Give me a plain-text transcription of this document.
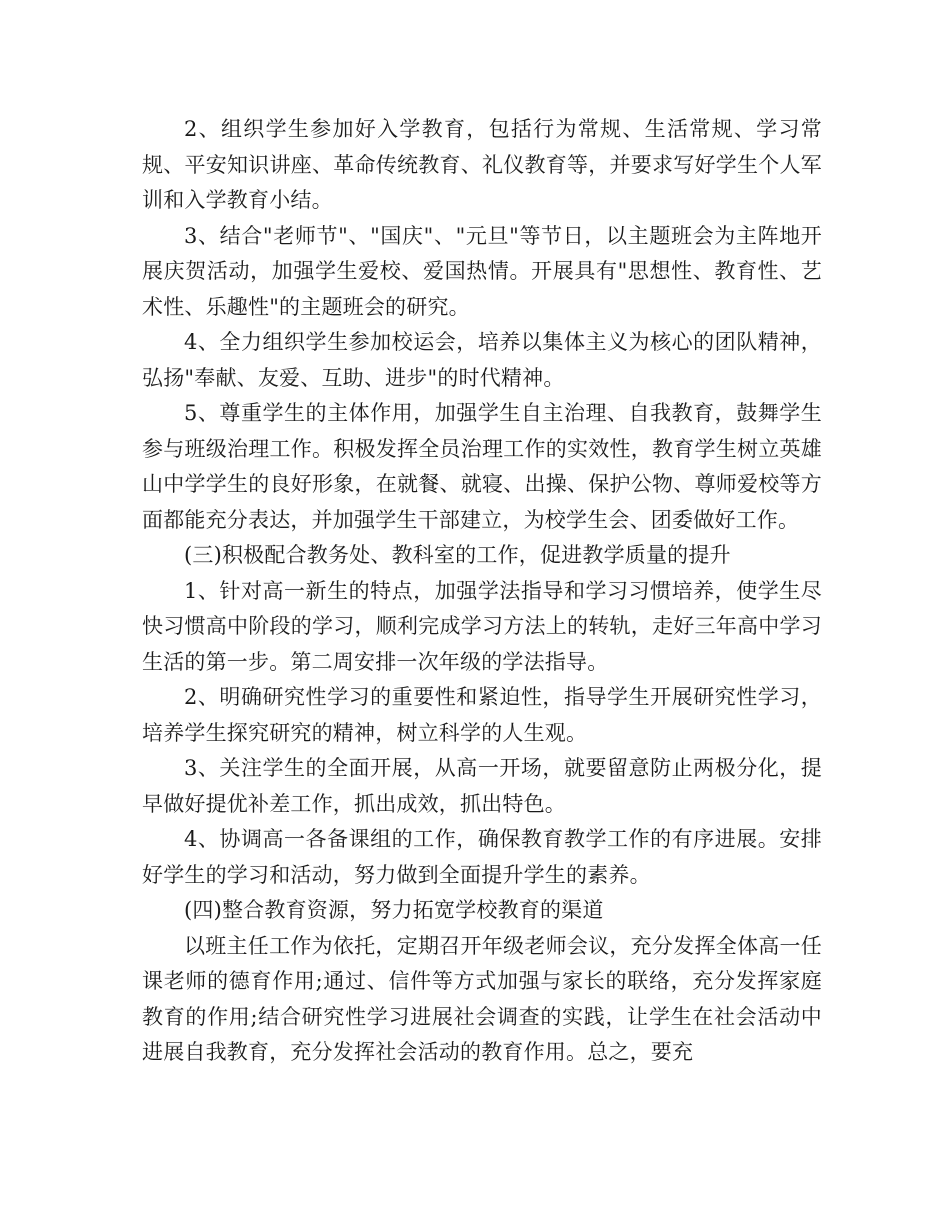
2、组织学生参加好入学教育，包括行为常规、生活常规、学习常规、平安知识讲座、革命传统教育、礼仪教育等，并要求写好学生个人军训和入学教育小结。

3、结合"老师节"、"国庆"、"元旦"等节日，以主题班会为主阵地开展庆贺活动，加强学生爱校、爱国热情。开展具有"思想性、教育性、艺术性、乐趣性"的主题班会的研究。

4、全力组织学生参加校运会，培养以集体主义为核心的团队精神，弘扬"奉献、友爱、互助、进步"的时代精神。

5、尊重学生的主体作用，加强学生自主治理、自我教育，鼓舞学生参与班级治理工作。积极发挥全员治理工作的实效性，教育学生树立英雄山中学学生的良好形象，在就餐、就寝、出操、保护公物、尊师爱校等方面都能充分表达，并加强学生干部建立，为校学生会、团委做好工作。

(三)积极配合教务处、教科室的工作，促进教学质量的提升

1、针对高一新生的特点，加强学法指导和学习习惯培养，使学生尽快习惯高中阶段的学习，顺利完成学习方法上的转轨，走好三年高中学习生活的第一步。第二周安排一次年级的学法指导。

2、明确研究性学习的重要性和紧迫性，指导学生开展研究性学习，培养学生探究研究的精神，树立科学的人生观。

3、关注学生的全面开展，从高一开场，就要留意防止两极分化，提早做好提优补差工作，抓出成效，抓出特色。

4、协调高一各备课组的工作，确保教育教学工作的有序进展。安排好学生的学习和活动，努力做到全面提升学生的素养。

(四)整合教育资源，努力拓宽学校教育的渠道

以班主任工作为依托，定期召开年级老师会议，充分发挥全体高一任课老师的德育作用;通过、信件等方式加强与家长的联络，充分发挥家庭教育的作用;结合研究性学习进展社会调查的实践，让学生在社会活动中进展自我教育，充分发挥社会活动的教育作用。总之，要充
